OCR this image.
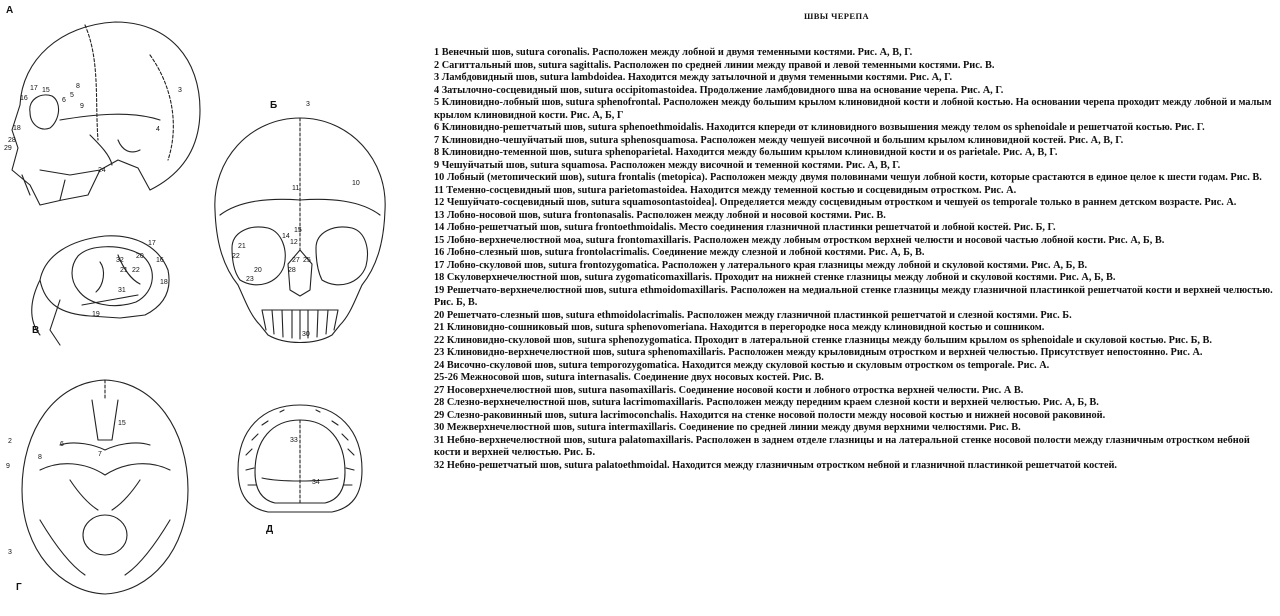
А
Б
В
Г
Д
17
16
15
18
28
29
6
5
9
8
3
24
4
3
10
11
14
15
12
21
22
27 25
28
20
30
23
17
32
31
22
20
21
19
18
16
15
2	6
9
7
8
3
33
34
ШВЫ ЧЕРЕПА
1 Венечный шов, sutura coronalis. Расположен между лобной и двумя теменными костями. Рис. А, В, Г.
2 Сагиттальный шов, sutura sagittalis. Расположен по средней линии между правой и левой теменными костями. Рис. В.
3 Ламбдовидный шов, sutura lambdoidea. Находится между затылочной и двумя теменными костями. Рис. А, Г.
4 Затылочно-сосцевидный шов, sutura occipitomastoidea. Продолжение ламбдовидного шва на основание черепа. Рис. А, Г.
5 Клиновидно-лобный шов, sutura sphenofrontal. Расположен между большим крылом клиновидной кости и лобной костью. На основании черепа проходит между лобной и малым крылом клиновидной кости. Рис. А, Б, Г
6 Клиновидно-решетчатый шов, sutura sphenoethmoidalis. Находится кпереди от клиновидного возвышения между телом os sphenoidale и решетчатой костью. Рис. Г.
7 Клиновидно-чешуйчатый шов, sutura sphenosquamosa. Расположен между чешуей височной и большим крылом клиновидной костей. Рис. А, В, Г.
8 Клиновидно-теменной шов, sutura sphenoparietal. Находится между большим крылом клиновидной кости и os parietale. Рис. А, В, Г.
9 Чешуйчатый шов, sutura squamosa. Расположен между височной и теменной костями. Рис. А, В, Г.
10 Лобный (метопический шов), sutura frontalis (metopica). Расположен между двумя половинами чешуи лобной кости, которые срастаются в единое целое к шести годам. Рис. В.
11 Теменно-сосцевидный шов, sutura parietomastoidea. Находится между теменной костью и сосцевидным отростком. Рис. А.
12 Чешуйчато-сосцевидный шов, sutura squamosontastoidea]. Определяется между сосцевидным отростком и чешуей os temporale только в раннем детском возрасте. Рис. А.
13 Лобно-носовой шов, sutura frontonasalis. Расположен между лобной и носовой костями. Рис. В.
14 Лобно-решетчатый шов, sutura frontoethmoidalis. Место соединения глазничной пластинки решетчатой и лобной костей. Рис. Б, Г.
15 Лобно-верхнечелюстной моа, sutura frontomaxillaris. Расположен между лобным отростком верхней челюсти и носовой частью лобной кости. Рис. А, Б, В.
16 Лобно-слезный шов, sutura frontolacrimalis. Соединение между слезной и лобной костями. Рис. А, Б, В.
17 Лобно-скуловой шов, sutura frontozygomatica. Расположен у латерального края глазницы между лобной и скуловой костями. Рис. А, Б, В.
18 Скуловерхнечелюстной шов, sutura zygomaticomaxillaris. Проходит на нижней стенке глазницы между лобной и скуловой костями. Рис. А, Б, В.
19 Решетчато-верхнечелюстной шов, sutura ethmoidomaxillaris. Расположен на медиальной стенке глазницы между глазничной пластинкой решетчатой кости и верхней челюстью. Рис. Б, В.
20 Решетчато-слезный шов, sutura ethmoidolacrimalis. Расположен между глазничной пластинкой решетчатой и слезной костями. Рис. Б.
21 Клиновидно-сошниковый шов, sutura sphenovomeriana. Находится в перегородке носа между клиновидной костью и сошником.
22 Клиновидно-скуловой шов, sutura sphenozygomatica. Проходит в латеральной стенке глазницы между большим крылом os sphenoidale и скуловой костью. Рис. Б, В.
23 Клиновидно-верхнечелюстной шов, sutura sphenomaxillaris. Расположен между крыловидным отростком и верхней челюстью. Присутствует непостоянно. Рис. А.
24 Височно-скуловой шов, sutura temporozygomatica. Находится между скуловой костью и скуловым отростком os temporale. Рис. А.
25-26 Межносовой шов, sutura internasalis. Соединение двух носовых костей. Рис. В.
27 Носоверхнечелюстной шов, sutura nasomaxillaris. Соединение носовой кости и лобного отростка верхней челюсти. Рис. А В.
28 Слезно-верхнечелюстной шов, sutura lacrimomaxillaris. Расположен между передним краем слезной кости и верхней челюстью. Рис. А, Б, В.
29 Слезно-раковинный шов, sutura lacrimoconchalis. Находится на стенке носовой полости между носовой костью и нижней носовой раковиной.
30 Межверхнечелюстной шов, sutura intermaxillaris. Соединение по средней линии между двумя верхними челюстями. Рис. В.
31 Небно-верхнечелюстной шов, sutura palatomaxillaris. Расположен в заднем отделе глазницы и на латеральной стенке носовой полости между глазничным отростком небной кости и верхней челюстью. Рис. Б.
32 Небно-решетчатый шов, sutura palatoethmoidal. Находится между глазничным отростком небной и глазничной пластинкой решетчатой костей.
